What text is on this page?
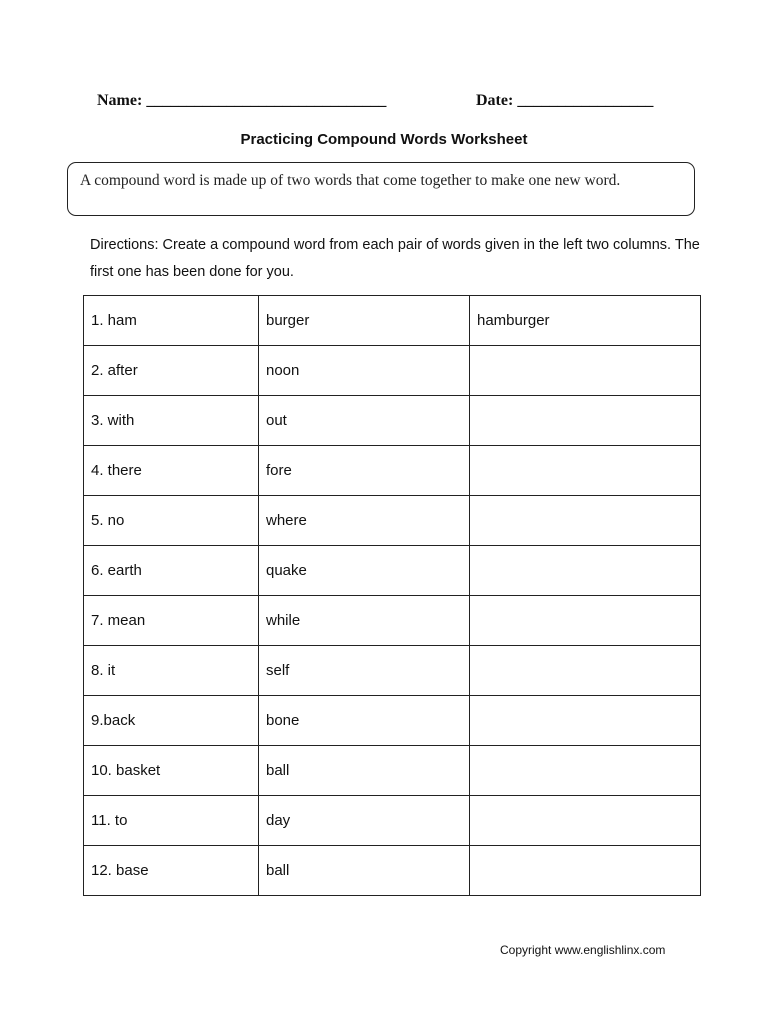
Name: ______________________________	Date: _________________
Practicing Compound Words Worksheet
A compound word is made up of two words that come together to make one new word.
Directions: Create a compound word from each pair of words given in the left two columns. The first one has been done for you.
1. ham	burger	hamburger
2. after	noon	
3. with	out	
4. there	fore	
5. no	where	
6. earth	quake	
7. mean	while	
8. it	self	
9.back	bone	
10. basket	ball	
11. to	day	
12. base	ball	
Copyright www.englishlinx.com
